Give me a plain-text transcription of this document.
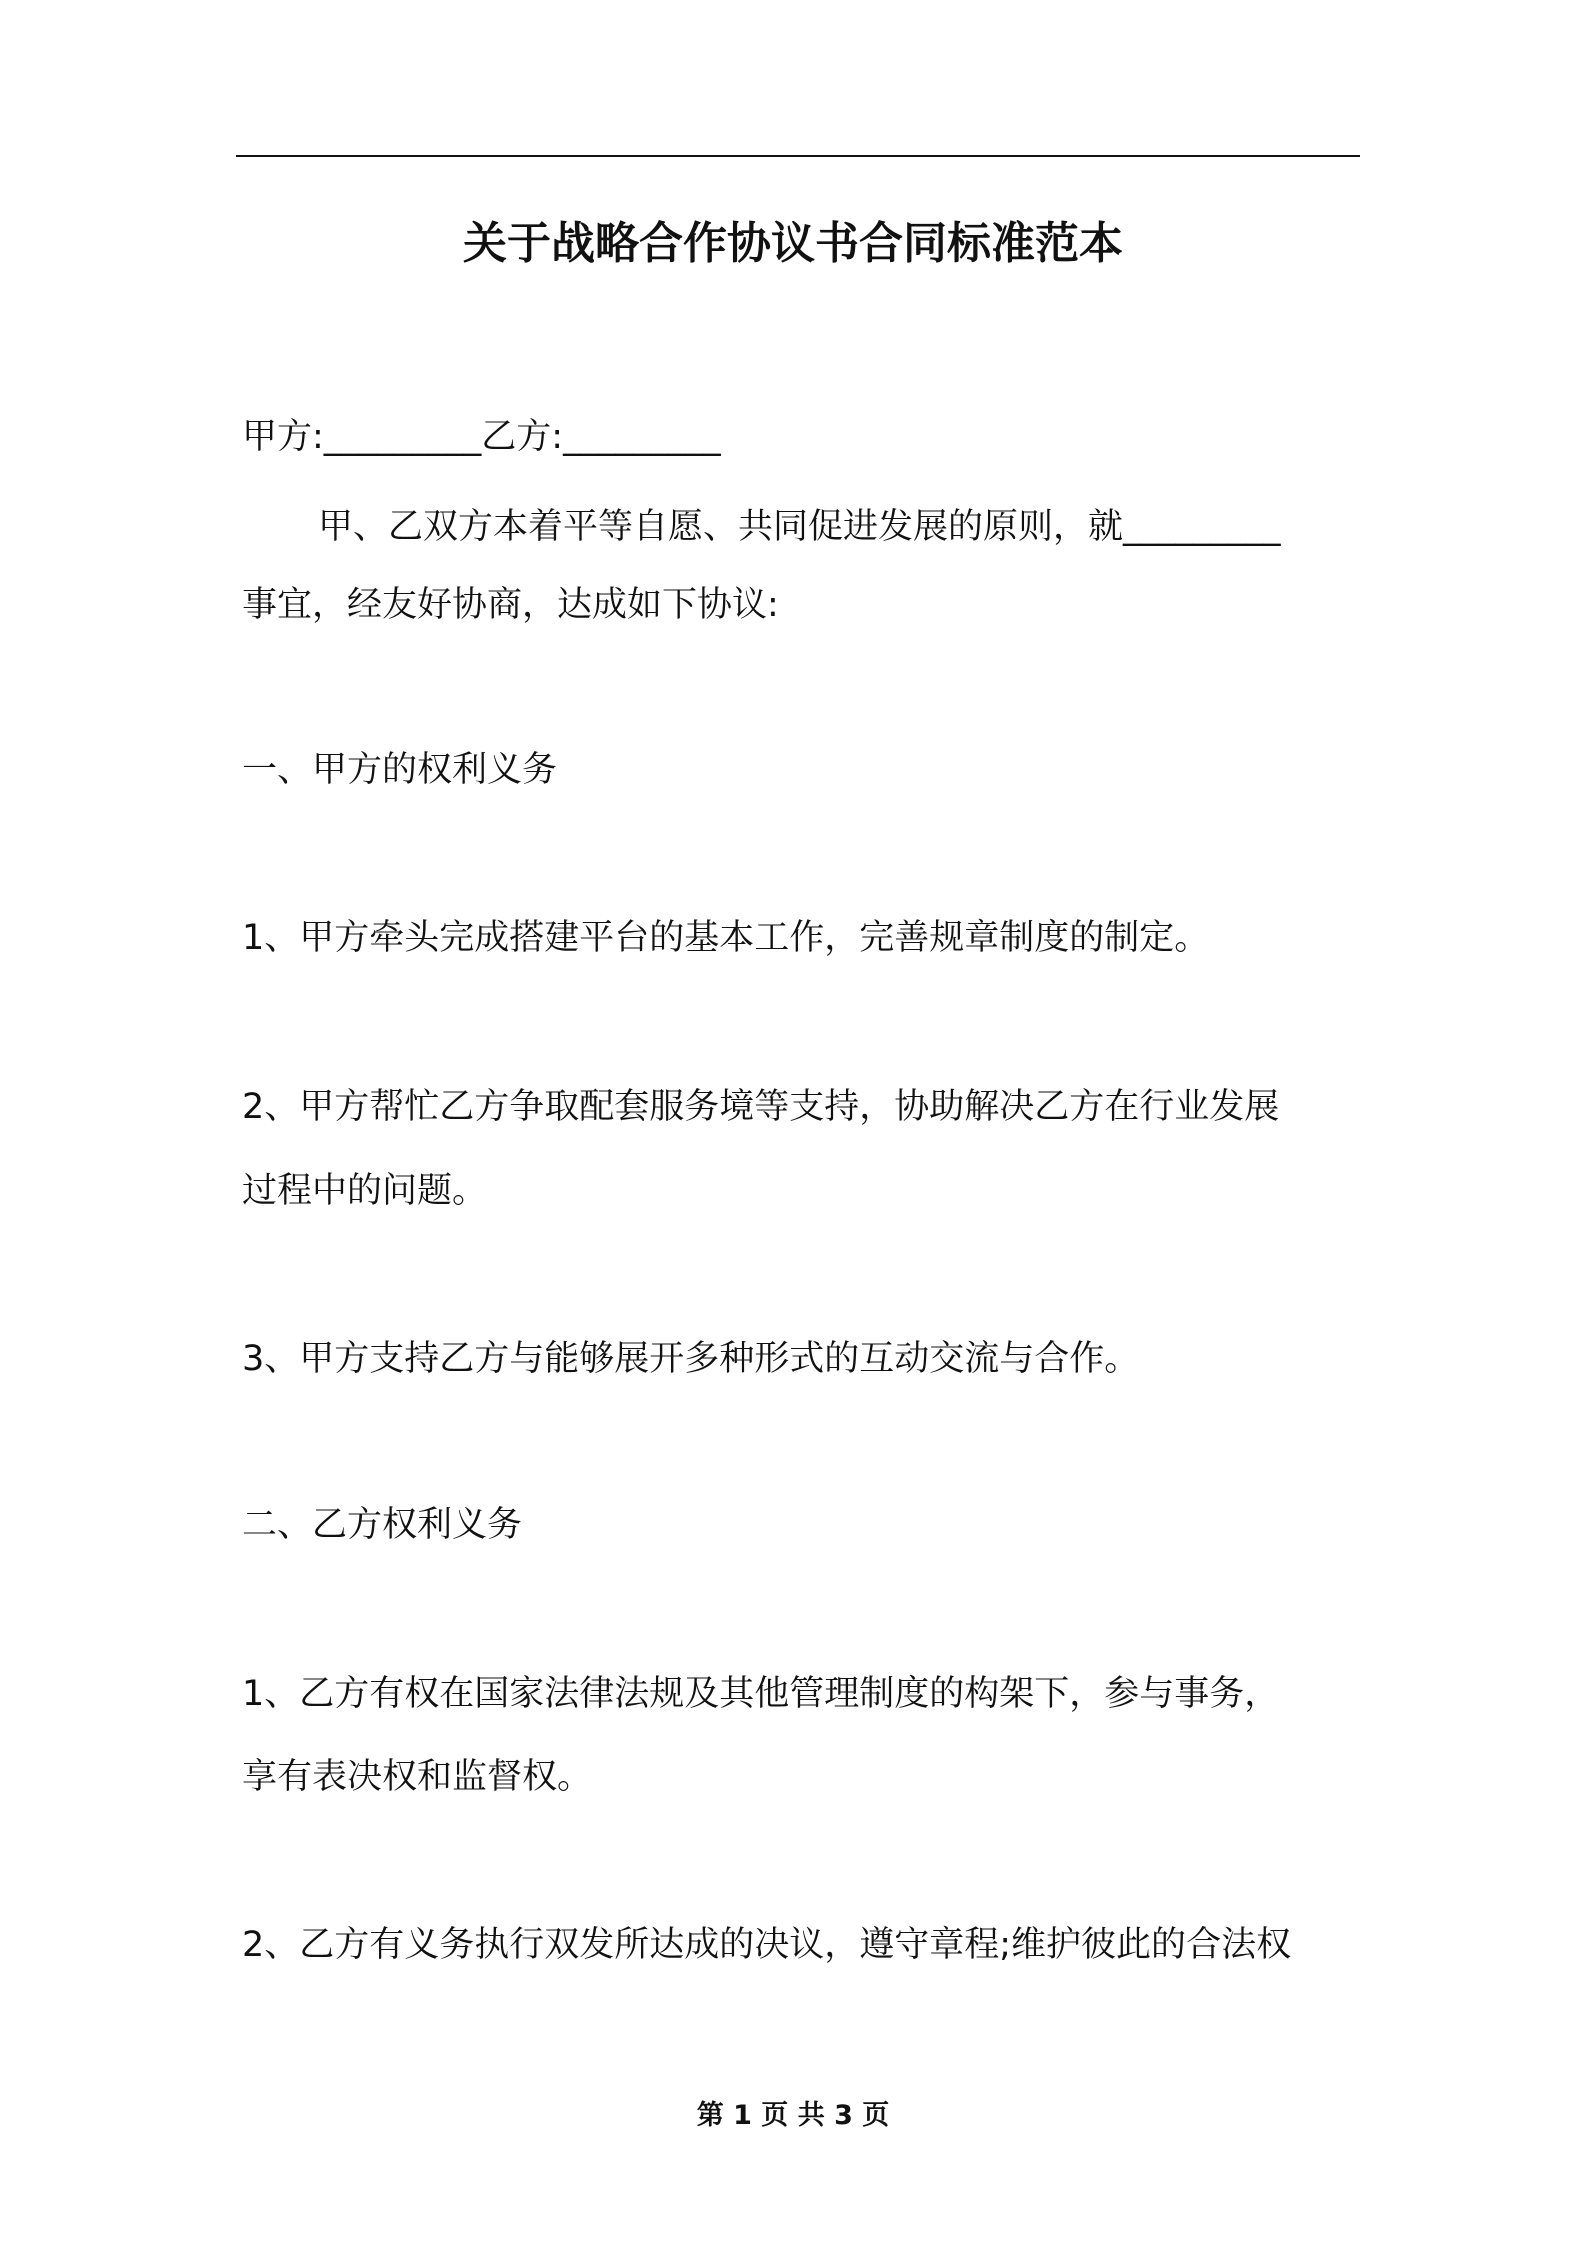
关于战略合作协议书合同标准范本
甲方:_________乙方:_________
甲、乙双方本着平等自愿、共同促进发展的原则，就_________
事宜，经友好协商，达成如下协议:
一、甲方的权利义务
1、甲方牵头完成搭建平台的基本工作，完善规章制度的制定。
2、甲方帮忙乙方争取配套服务境等支持，协助解决乙方在行业发展
过程中的问题。
3、甲方支持乙方与能够展开多种形式的互动交流与合作。
二、乙方权利义务
1、乙方有权在国家法律法规及其他管理制度的构架下，参与事务，
享有表决权和监督权。
2、乙方有义务执行双发所达成的决议，遵守章程;维护彼此的合法权
第 1 页 共 3 页
